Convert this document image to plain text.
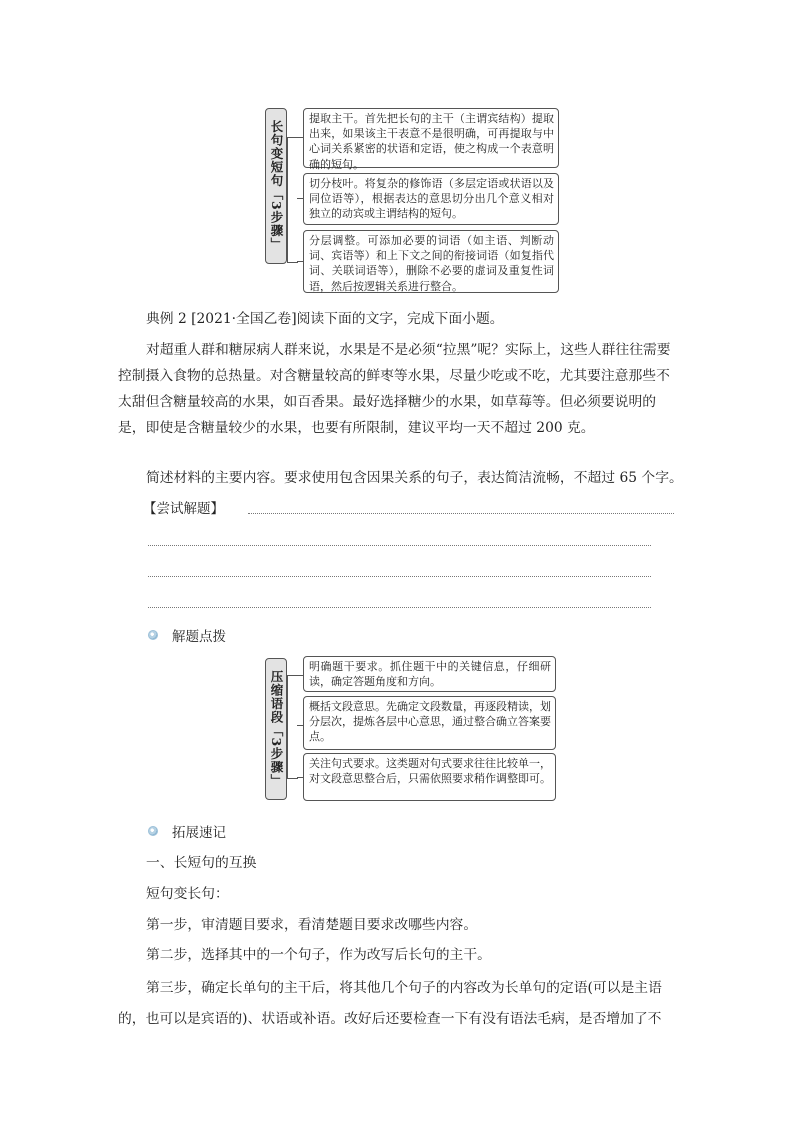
长句变短句「3步骤」
提取主干。首先把长句的主干（主谓宾结构）提取出来，如果该主干表意不是很明确，可再提取与中心词关系紧密的状语和定语，使之构成一个表意明确的短句。
切分枝叶。将复杂的修饰语（多层定语或状语以及同位语等），根据表达的意思切分出几个意义相对独立的动宾或主谓结构的短句。
分层调整。可添加必要的词语（如主语、判断动词、宾语等）和上下文之间的衔接词语（如复指代词、关联词语等），删除不必要的虚词及重复性词语，然后按逻辑关系进行整合。
典例 2 [2021·全国乙卷]阅读下面的文字，完成下面小题。
对超重人群和糖尿病人群来说，水果是不是必须“拉黑”呢？实际上，这些人群往往需要控制摄入食物的总热量。对含糖量较高的鲜枣等水果，尽量少吃或不吃，尤其要注意那些不太甜但含糖量较高的水果，如百香果。最好选择糖少的水果，如草莓等。但必须要说明的是，即使是含糖量较少的水果，也要有所限制，建议平均一天不超过 200 克。
简述材料的主要内容。要求使用包含因果关系的句子，表达简洁流畅，不超过 65 个字。
【尝试解题】
解题点拨
压缩语段「3步骤」
明确题干要求。抓住题干中的关键信息，仔细研读，确定答题角度和方向。
概括文段意思。先确定文段数量，再逐段精读，划分层次，提炼各层中心意思，通过整合确立答案要点。
关注句式要求。这类题对句式要求往往比较单一，对文段意思整合后，只需依照要求稍作调整即可。
拓展速记
一、长短句的互换
短句变长句：
第一步，审清题目要求，看清楚题目要求改哪些内容。
第二步，选择其中的一个句子，作为改写后长句的主干。
第三步，确定长单句的主干后，将其他几个句子的内容改为长单句的定语(可以是主语的，也可以是宾语的)、状语或补语。改好后还要检查一下有没有语法毛病，是否增加了不
